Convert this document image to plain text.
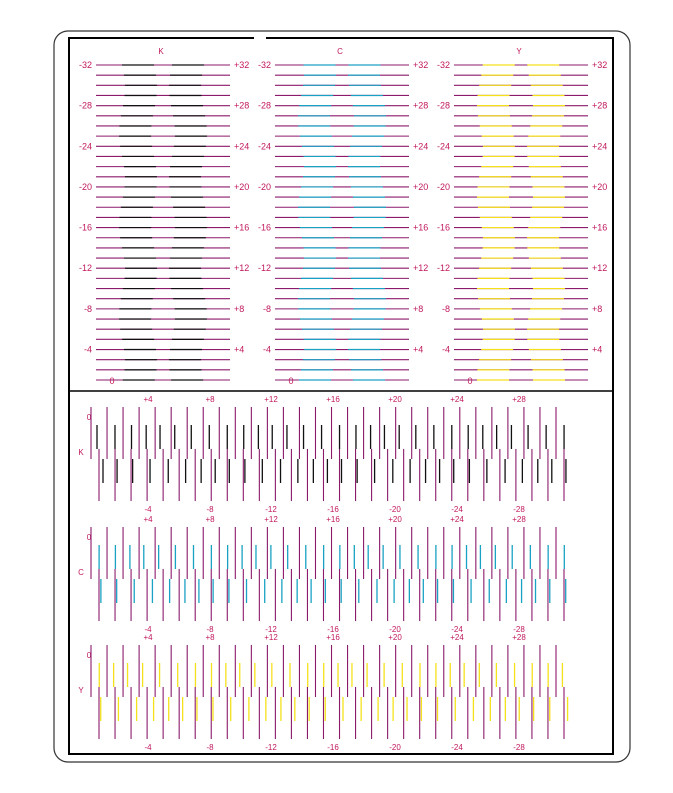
K
-32	+32
-28	+28
-24	+24
-20	+20
-16	+16
-12	+12
-8	+8
-4	+4
0
C
-32	+32
-28	+28
-24	+24
-20	+20
-16	+16
-12	+12
-8	+8
-4	+4
0
Y
-32	+32
-28	+28
-24	+24
-20	+20
-16	+16
-12	+12
-8	+8
-4	+4
0
+4	+8	+12	+16	+20	+24	+28
0
K
-4	-8	-12	-16	-20	-24	-28
+4	+8	+12	+16	+20	+24	+28
0
C
-4	-8	-12	-16	-20	-24	-28
+4	+8	+12	+16	+20	+24	+28
0
Y
-4	-8	-12	-16	-20	-24	-28
